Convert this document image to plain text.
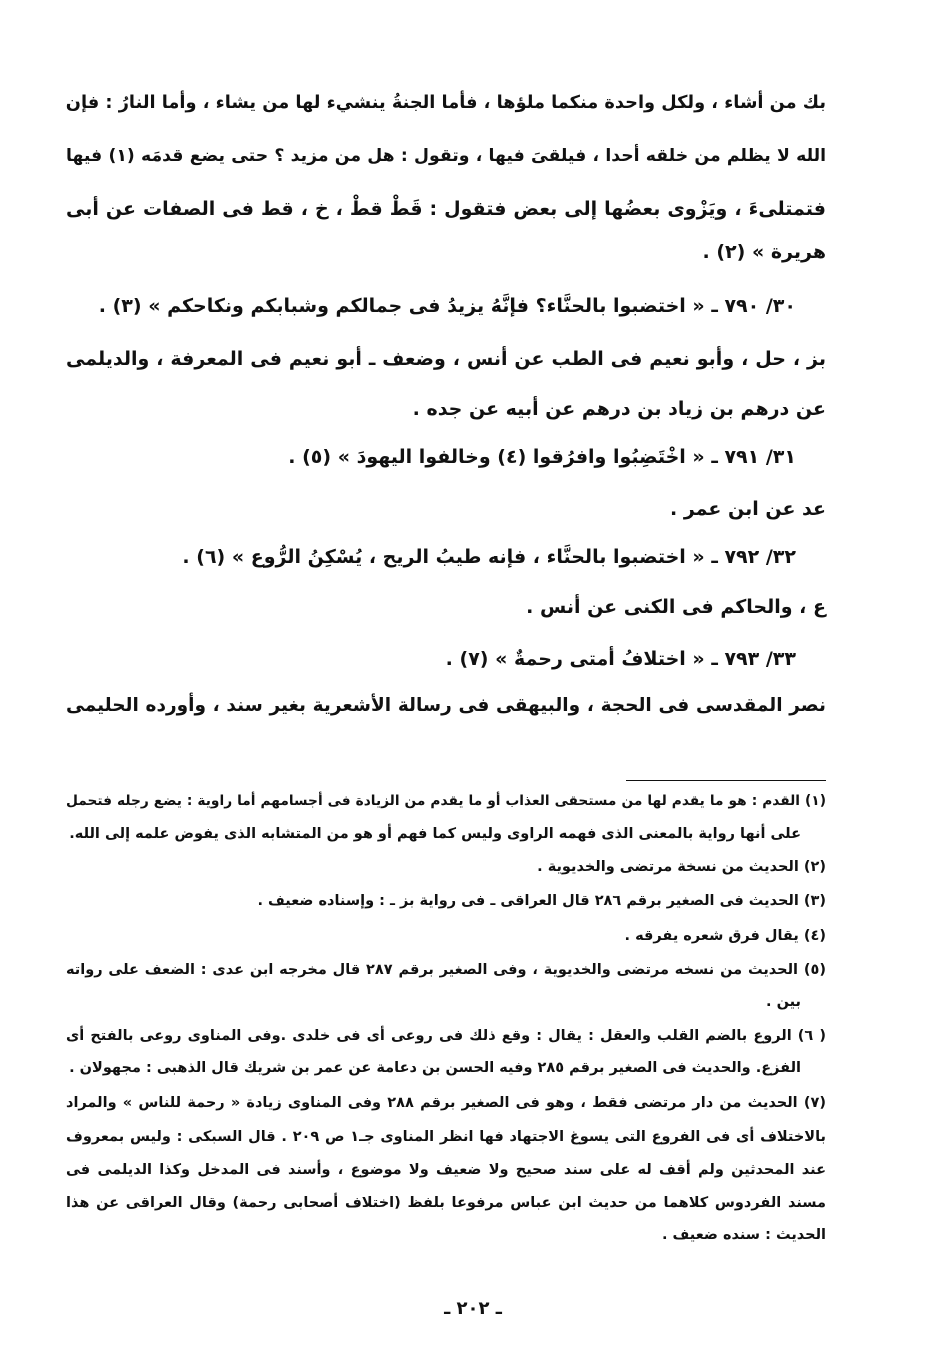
بك من أشاء ، ولكل واحدة منكما ملؤها ، فأما الجنةُ ينشيء لها من يشاء ، وأما النارُ : فإن
الله لا يظلم من خلقه أحدا ، فيلقىَ فيها ، وتقول : هل من مزيد ؟ حتى يضع قدمَه (١) فيها
فتمتلىءَ ، ويَزْوى بعضُها إلى بعض فتقول : قَطْ قطْ ، خ ، قط فى الصفات عن أبى
هريرة » (٢) .
٣٠/ ٧٩٠ ـ « اختضبوا بالحنَّاء؟ فإنَّهُ يزيدُ فى جمالكم وشبابكم ونكاحكم » (٣) .
بز ، حل ، وأبو نعيم فى الطب عن أنس ، وضعف ـ أبو نعيم فى المعرفة ، والديلمى
عن درهم بن زياد بن درهم عن أبيه عن جده .
٣١/ ٧٩١ ـ « اخْتَضِبُوا وافرُقوا (٤) وخالفوا اليهودَ » (٥) .
عد عن ابن عمر .
٣٢/ ٧٩٢ ـ « اختضبوا بالحنَّاء ، فإنه طيبُ الريح ، يُسْكِنُ الرُّوع » (٦) .
ع ، والحاكم فى الكنى عن أنس .
٣٣/ ٧٩٣ ـ « اختلافُ أمتى رحمةٌ » (٧) .
نصر المقدسى فى الحجة ، والبيهقى فى رسالة الأشعرية بغير سند ، وأورده الحليمى
(١) القدم : هو ما يقدم لها من مستحقى العذاب أو ما يقدم من الزيادة فى أجسامهم أما راوية : يضع رجله فتحمل
على أنها رواية بالمعنى الذى فهمه الراوى وليس كما فهم أو هو من المتشابه الذى يفوض علمه إلى الله.
(٢) الحديث من نسخة مرتضى والخديوية .
(٣) الحديث فى الصغير برقم ٢٨٦ قال العراقى ـ فى رواية بز ـ : وإسناده ضعيف .
(٤) يقال فرق شعره يفرقه .
(٥) الحديث من نسخه مرتضى والخديوية ، وفى الصغير برقم ٢٨٧ قال مخرجه ابن عدى : الضعف على رواته
بين .
( ٦) الروع بالضم القلب والعقل : يقال : وقع ذلك فى روعى أى فى خلدى .وفى المناوى روعى بالفتح أى
الفزع. والحديث فى الصغير برقم ٢٨٥ وفيه الحسن بن دعامة عن عمر بن شريك قال الذهبى : مجهولان .
(٧) الحديث من دار مرتضى فقط ، وهو فى الصغير برقم ٢٨٨ وفى المناوى زيادة « رحمة للناس » والمراد
بالاختلاف أى فى الفروع التى يسوغ الاجتهاد فها انظر المناوى جـ١ ص ٢٠٩ . قال السبكى : وليس بمعروف
عند المحدثين ولم أقف له على سند صحيح ولا ضعيف ولا موضوع ، وأسند فى المدخل وكذا الديلمى فى
مسند الفردوس كلاهما من حديث ابن عباس مرفوعا بلفظ (اختلاف أصحابى رحمة) وقال العراقى عن هذا
الحديث : سنده ضعيف .
ـ ٢٠٢ ـ
